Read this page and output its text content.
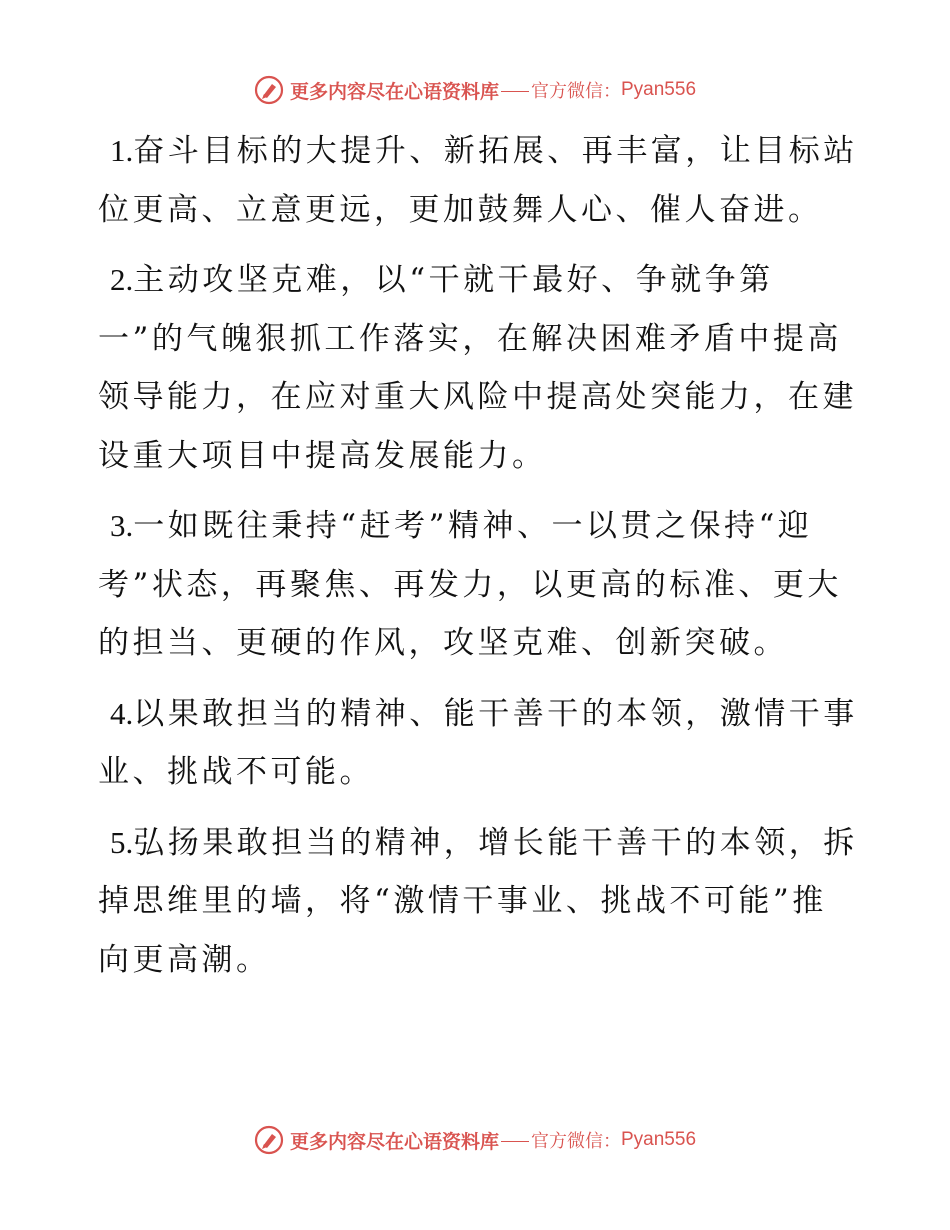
更多内容尽在心语资料库 官方微信： Pyan556

1.奋斗目标的大提升、新拓展、再丰富，让目标站位更高、立意更远，更加鼓舞人心、催人奋进。

2.主动攻坚克难，以“干就干最好、争就争第一”的气魄狠抓工作落实，在解决困难矛盾中提高领导能力，在应对重大风险中提高处突能力，在建设重大项目中提高发展能力。

3.一如既往秉持“赶考”精神、一以贯之保持“迎考”状态，再聚焦、再发力，以更高的标准、更大的担当、更硬的作风，攻坚克难、创新突破。

4.以果敢担当的精神、能干善干的本领，激情干事业、挑战不可能。

5.弘扬果敢担当的精神，增长能干善干的本领，拆掉思维里的墙，将“激情干事业、挑战不可能”推向更高潮。

更多内容尽在心语资料库 官方微信： Pyan556
